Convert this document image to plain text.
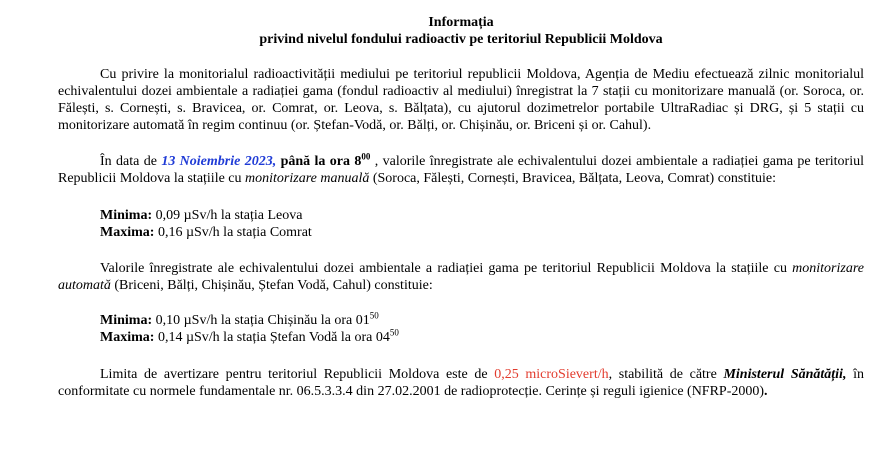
Informația

privind nivelul fondului radioactiv pe teritoriul Republicii Moldova

Cu privire la monitorialul radioactivității mediului pe teritoriul republicii Moldova, Agenția de Mediu efectuează zilnic monitorialul echivalentului dozei ambientale a radiației gama (fondul radioactiv al mediului) înregistrat la 7 stații cu monitorizare manuală (or. Soroca, or. Fălești, s. Cornești, s. Bravicea, or. Comrat, or. Leova, s. Bălțata), cu ajutorul dozimetrelor portabile UltraRadiac și DRG, și 5 stații cu monitorizare automată în regim continuu (or. Ștefan-Vodă, or. Bălți, or. Chișinău, or. Briceni și or. Cahul).

În data de 13 Noiembrie 2023, până la ora $8^{00}$ , valorile înregistrate ale echivalentului dozei ambientale a radiației gama pe teritoriul Republicii Moldova la stațiile cu monitorizare manuală (Soroca, Fălești, Cornești, Bravicea, Bălțata, Leova, Comrat) constituie:

Minima: 0,09 µSv/h la stația Leova
Maxima: 0,16 µSv/h la stația Comrat

Valorile înregistrate ale echivalentului dozei ambientale a radiației gama pe teritoriul Republicii Moldova la stațiile cu monitorizare automată (Briceni, Bălți, Chișinău, Ștefan Vodă, Cahul) constituie:

Minima: 0,10 µSv/h la stația Chișinău la ora $01^{50}$
Maxima: 0,14 µSv/h la stația Ștefan Vodă la ora $04^{50}$

Limita de avertizare pentru teritoriul Republicii Moldova este de 0,25 microSievert/h, stabilită de către Ministerul Sănătății, în conformitate cu normele fundamentale nr. 06.5.3.3.4 din 27.02.2001 de radioprotecție. Cerințe și reguli igienice (NFRP-2000).
